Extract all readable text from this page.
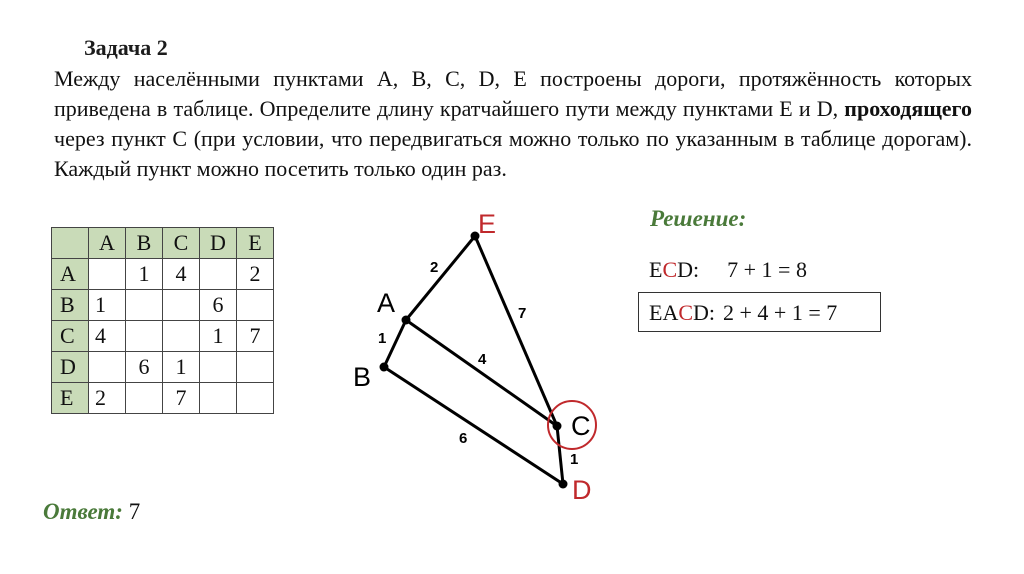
Задача 2
Между населёнными пунктами A, B, C, D, E построены дороги, протяжённость которых приведена в таблице. Определите длину кратчайшего пути между пунктами E и D, проходящего через пункт C (при условии, что передвигаться можно только по указанным в таблице дорогам). Каждый пункт можно посетить только один раз.
	A	B	C	D	E
A		1	4		2
B	1			6	
C	4			1	7
D		6	1		
E	2		7		
E
A
B
C
D
2
7
1
4
6
1
Решение:
ECD: 7 + 1 = 8
EACD: 2 + 4 + 1 = 7
Ответ: 7
